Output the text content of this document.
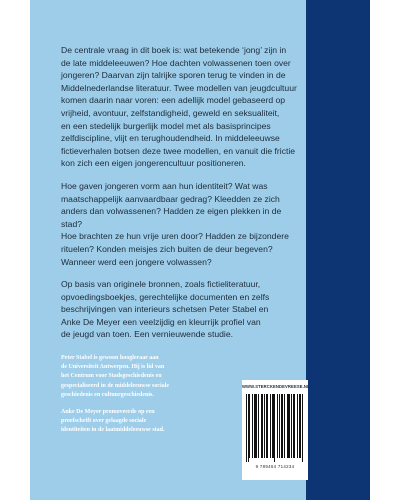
De centrale vraag in dit boek is: wat betekende ‘jong’ zijn in
de late middeleeuwen? Hoe dachten volwassenen toen over
jongeren? Daarvan zijn talrijke sporen terug te vinden in de
Middelnederlandse literatuur. Twee modellen van jeugdcultuur
komen daarin naar voren: een adellijk model gebaseerd op
vrijheid, avontuur, zelfstandigheid, geweld en seksualiteit,
en een stedelijk burgerlijk model met als basisprincipes
zelfdiscipline, vlijt en terughoudendheid. In middeleeuwse
fictieverhalen botsen deze twee modellen, en vanuit die frictie
kon zich een eigen jongerencultuur positioneren.

Hoe gaven jongeren vorm aan hun identiteit? Wat was
maatschappelijk aanvaardbaar gedrag? Kleedden ze zich
anders dan volwassenen? Hadden ze eigen plekken in de stad?
Hoe brachten ze hun vrije uren door? Hadden ze bijzondere
rituelen? Konden meisjes zich buiten de deur begeven?
Wanneer werd een jongere volwassen?

Op basis van originele bronnen, zoals fictieliteratuur,
opvoedingsboekjes, gerechtelijke documenten en zelfs
beschrijvingen van interieurs schetsen Peter Stabel en
Anke De Meyer een veelzijdig en kleurrijk profiel van
de jeugd van toen. Een vernieuwende studie.

Peter Stabel is gewoon hoogleraar aan
de Universiteit Antwerpen. Hij is lid van
het Centrum voor Stadsgeschiedenis en
gespecialiseerd in de middeleeuwse sociale
geschiedenis en cultuurgeschiedenis.

Anke De Meyer promoveerde op een
proefschrift over gelaagde sociale
identiteiten in de laatmiddeleeuwse stad.

WWW.STERCKENDEVREESE.NL
9 789464 714234
